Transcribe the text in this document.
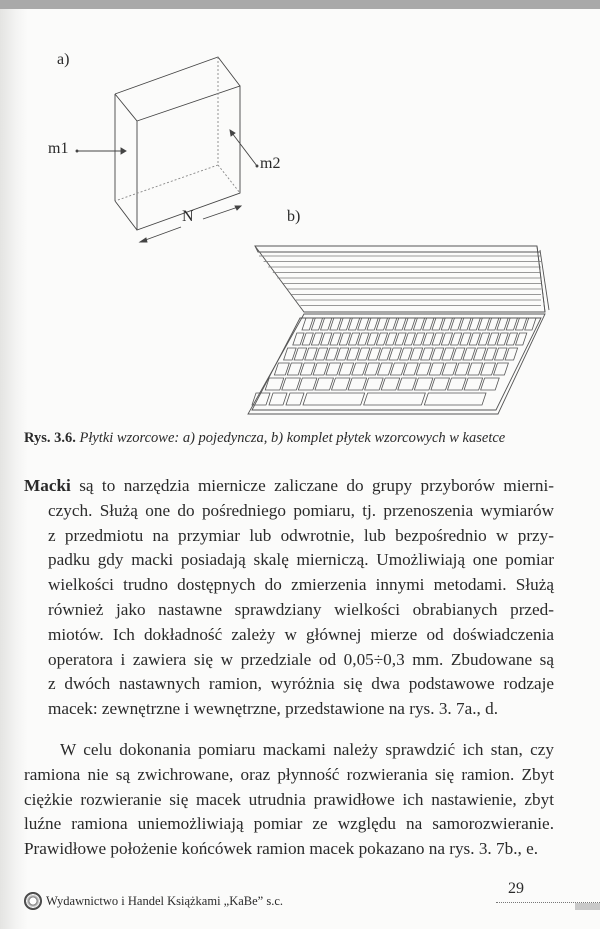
a)
m1
m2
N	b)
Rys. 3.6. Płytki wzorcowe: a) pojedyncza, b) komplet płytek wzorcowych w kasetce
Macki są to narzędzia miernicze zaliczane do grupy przyborów mierni-
czych. Służą one do pośredniego pomiaru, tj. przenoszenia wymiarów
z przedmiotu na przymiar lub odwrotnie, lub bezpośrednio w przy-
padku gdy macki posiadają skalę mierniczą. Umożliwiają one pomiar
wielkości trudno dostępnych do zmierzenia innymi metodami. Służą
również jako nastawne sprawdziany wielkości obrabianych przed-
miotów. Ich dokładność zależy w głównej mierze od doświadczenia
operatora i zawiera się w przedziale od 0,05÷0,3 mm. Zbudowane są
z dwóch nastawnych ramion, wyróżnia się dwa podstawowe rodzaje
macek: zewnętrzne i wewnętrzne, przedstawione na rys. 3. 7a., d.
W celu dokonania pomiaru mackami należy sprawdzić ich stan, czy
ramiona nie są zwichrowane, oraz płynność rozwierania się ramion. Zbyt
ciężkie rozwieranie się macek utrudnia prawidłowe ich nastawienie, zbyt
luźne ramiona uniemożliwiają pomiar ze względu na samorozwieranie.
Prawidłowe położenie końcówek ramion macek pokazano na rys. 3. 7b., e.
Wydawnictwo i Handel Książkami „KaBe” s.c.
29
